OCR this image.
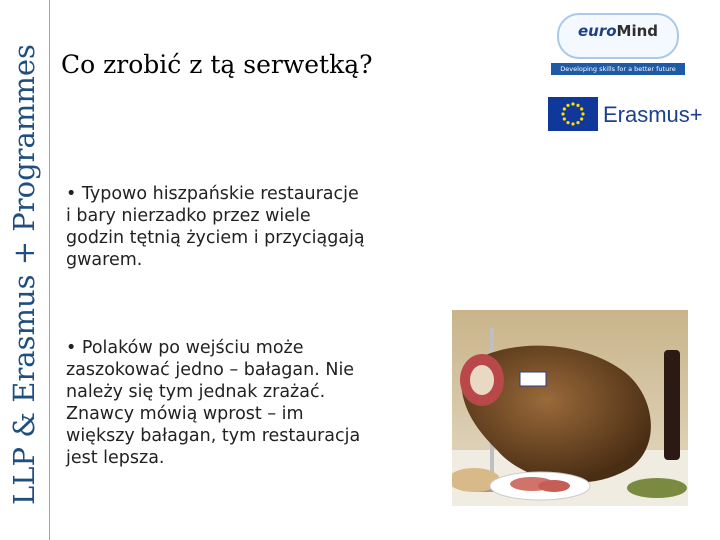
LLP & Erasmus + Programmes Co zrobić z tą serwetką?
• Typowo hiszpańskie restauracje
i bary nierzadko przez wiele
godzin tętnią życiem i przyciągają
gwarem.
• Polaków po wejściu może
zaszokować jedno – bałagan. Nie
należy się tym jednak zrażać.
Znawcy mówią wprost – im
większy bałagan, tym restauracja
jest lepsza.
euroMind
Developing skills for a better future
Erasmus+
